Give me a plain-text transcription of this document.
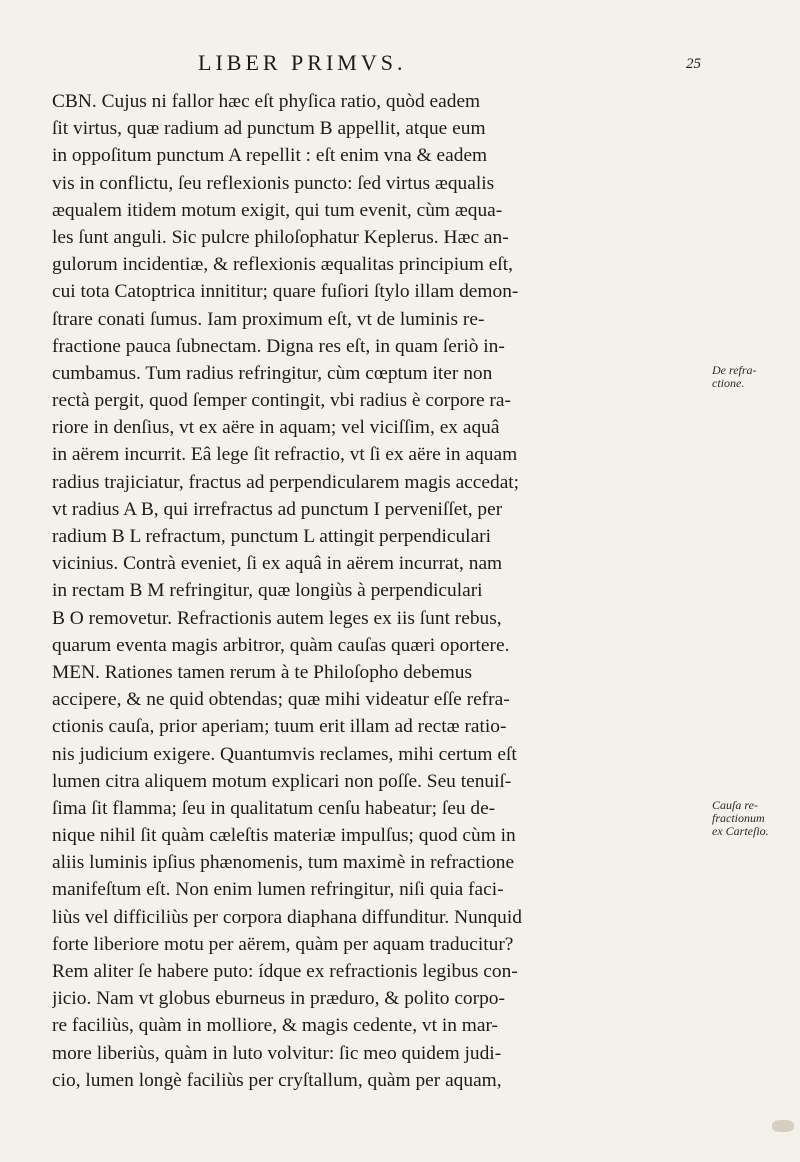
LIBER PRIMVS.	25
CBN. Cujus ni fallor hæc eſt phyſica ratio, quòd eadem
ſit virtus, quæ radium ad punctum B appellit, atque eum
in oppoſitum punctum A repellit : eſt enim vna & eadem
vis in conflictu, ſeu reflexionis puncto: ſed virtus æqualis
æqualem itidem motum exigit, qui tum evenit, cùm æqua-
les ſunt anguli. Sic pulcre philoſophatur Keplerus. Hæc an-
gulorum incidentiæ, & reflexionis æqualitas principium eſt,
cui tota Catoptrica innititur; quare fuſiori ſtylo illam demon-
ſtrare conati ſumus. Iam proximum eſt, vt de luminis re-
fractione pauca ſubnectam. Digna res eſt, in quam ſeriò in-
cumbamus. Tum radius refringitur, cùm cœptum iter non
rectà pergit, quod ſemper contingit, vbi radius è corpore ra-
riore in denſius, vt ex aëre in aquam; vel viciſſim, ex aquâ
in aërem incurrit. Eâ lege ſit refractio, vt ſi ex aëre in aquam
radius trajiciatur, fractus ad perpendicularem magis accedat;
vt radius A B, qui irrefractus ad punctum I perveniſſet, per
radium B L refractum, punctum L attingit perpendiculari
vicinius. Contrà eveniet, ſi ex aquâ in aërem incurrat, nam
in rectam B M refringitur, quæ longiùs à perpendiculari
B O removetur. Refractionis autem leges ex iis ſunt rebus,
quarum eventa magis arbitror, quàm cauſas quæri oportere.
MEN. Rationes tamen rerum à te Philoſopho debemus
accipere, & ne quid obtendas; quæ mihi videatur eſſe refra-
ctionis cauſa, prior aperiam; tuum erit illam ad rectæ ratio-
nis judicium exigere. Quantumvis reclames, mihi certum eſt
lumen citra aliquem motum explicari non poſſe. Seu tenuiſ-
ſima ſit flamma; ſeu in qualitatum cenſu habeatur; ſeu de-
nique nihil ſit quàm cæleſtis materiæ impulſus; quod cùm in
aliis luminis ipſius phænomenis, tum maximè in refractione
manifeſtum eſt. Non enim lumen refringitur, niſi quia faci-
liùs vel difficiliùs per corpora diaphana diffunditur. Nunquid
forte liberiore motu per aërem, quàm per aquam traducitur?
Rem aliter ſe habere puto: ídque ex refractionis legibus con-
jicio. Nam vt globus eburneus in præduro, & polito corpo-
re faciliùs, quàm in molliore, & magis cedente, vt in mar-
more liberiùs, quàm in luto volvitur: ſic meo quidem judi-
cio, lumen longè faciliùs per cryſtallum, quàm per aquam,
De refra-
ctione.
Cauſa re-
fractionum
ex Carteſio.
